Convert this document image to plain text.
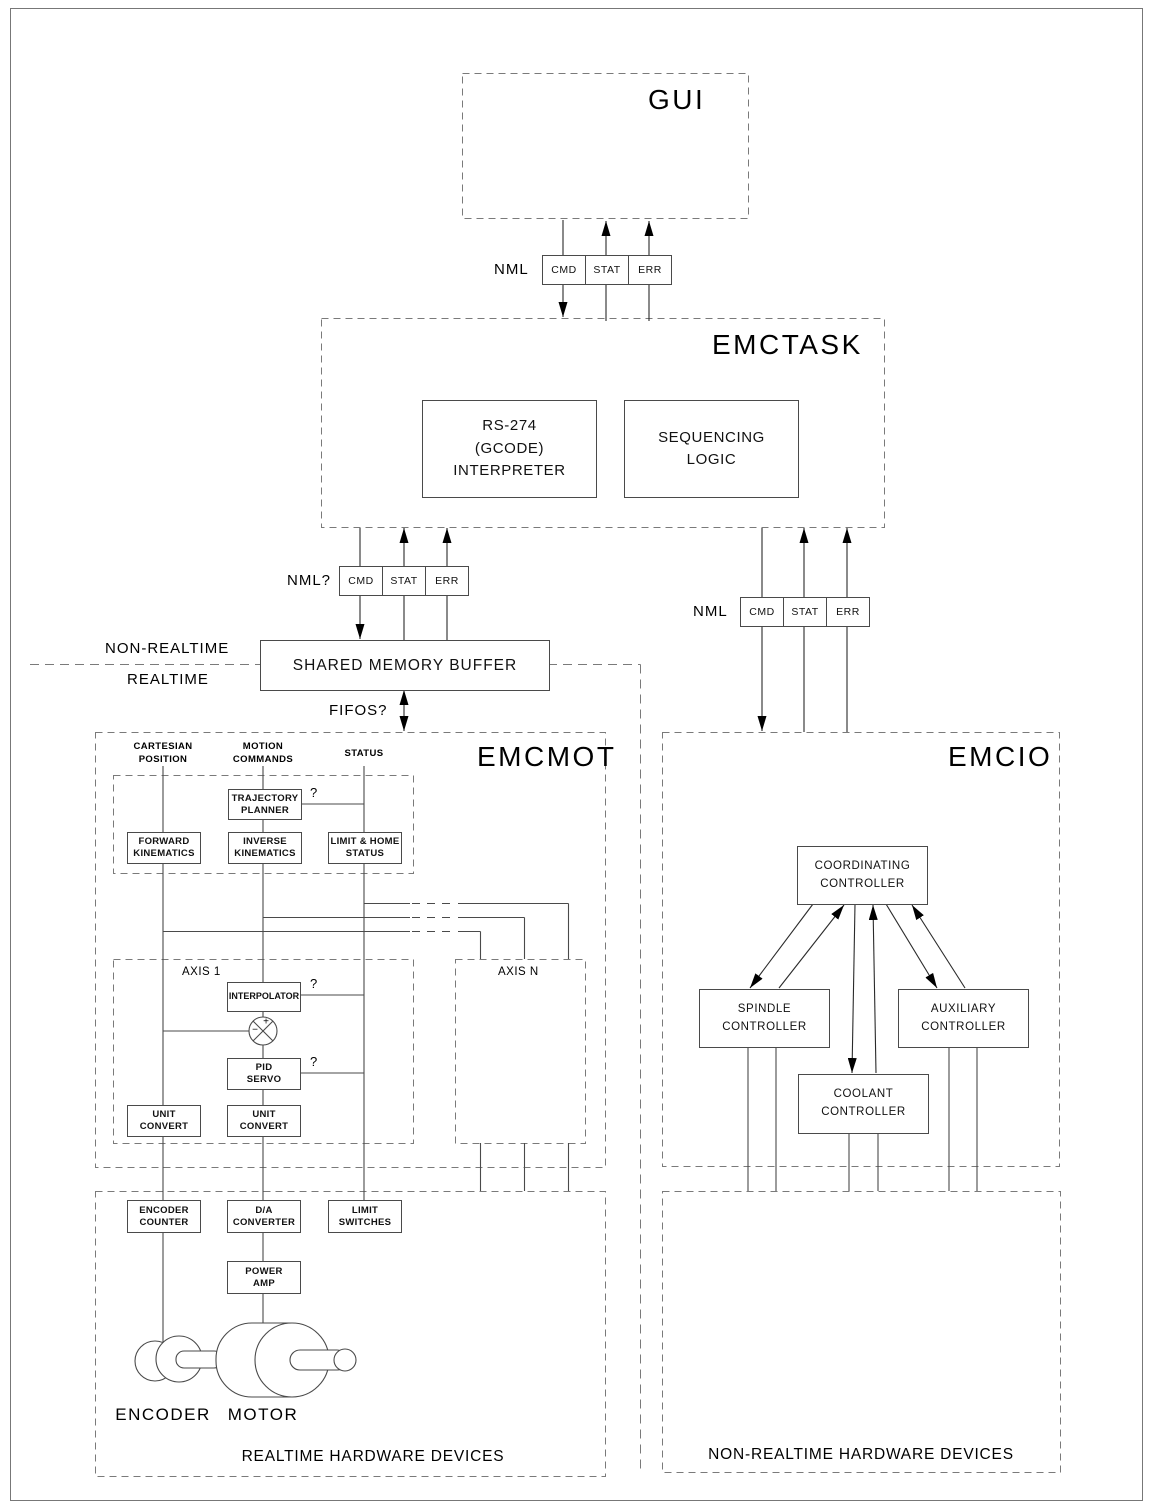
GUI
EMCTASK
EMCMOT	EMCIO
NML	CMD	STAT	ERR
NML?	CMD	STAT	ERR
NML	CMD	STAT	ERR
RS-274
(GCODE)
INTERPRETER
SEQUENCING
LOGIC
NON-REALTIME
REALTIME
SHARED MEMORY BUFFER
FIFOS?
CARTESIAN
POSITION
MOTION
COMMANDS
STATUS
TRAJECTORY
PLANNER
FORWARD
KINEMATICS
INVERSE
KINEMATICS
LIMIT & HOME
STATUS
AXIS 1	AXIS N
INTERPOLATOR
PID
SERVO
UNIT
CONVERT
UNIT
CONVERT
?
?
?
+
−
COORDINATING
CONTROLLER
SPINDLE
CONTROLLER
AUXILIARY
CONTROLLER
COOLANT
CONTROLLER
ENCODER
COUNTER
D/A
CONVERTER
LIMIT
SWITCHES
POWER
AMP
ENCODER	MOTOR
REALTIME HARDWARE DEVICES	NON-REALTIME HARDWARE DEVICES
